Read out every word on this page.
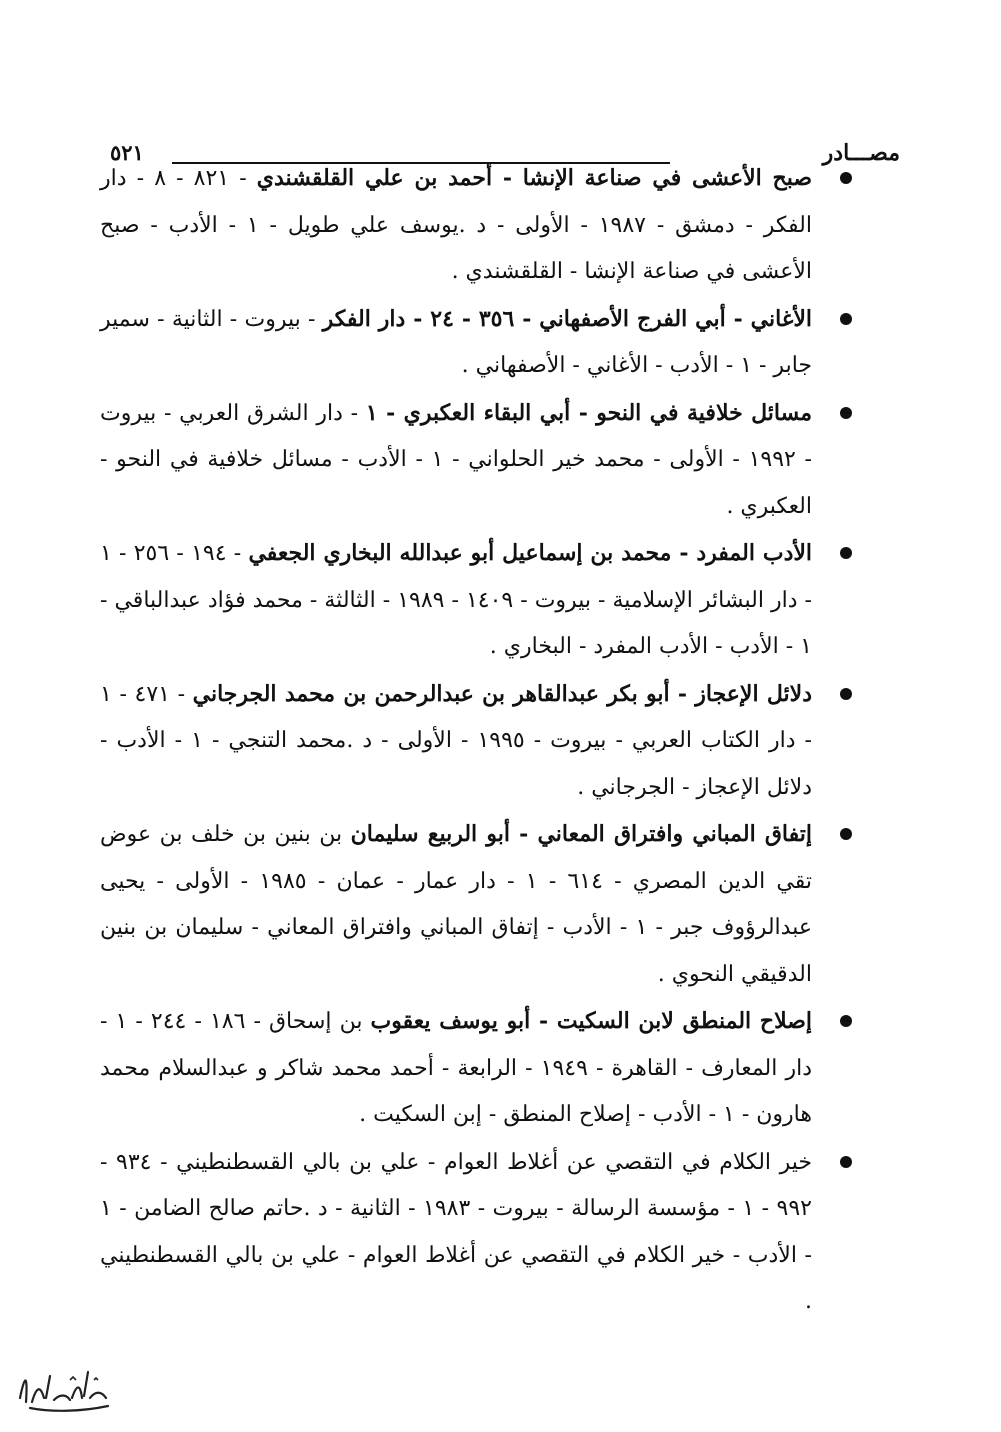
مصـــادر
٥٢١
صبح الأعشى في صناعة الإنشا - أحمد بن علي القلقشندي - ٨٢١ - ٨ - دار الفكر - دمشق - ١٩٨٧ - الأولى - د .يوسف علي طويل - ١ - الأدب - صبح الأعشى في صناعة الإنشا - القلقشندي .
الأغاني - أبي الفرج الأصفهاني - ٣٥٦ - ٢٤ - دار الفكر - بيروت - الثانية - سمير جابر - ١ - الأدب - الأغاني - الأصفهاني .
مسائل خلافية في النحو - أبي البقاء العكبري - ١ - دار الشرق العربي - بيروت - ١٩٩٢ - الأولى - محمد خير الحلواني - ١ - الأدب - مسائل خلافية في النحو - العكبري .
الأدب المفرد - محمد بن إسماعيل أبو عبدالله البخاري الجعفي - ١٩٤ - ٢٥٦ - ١ - دار البشائر الإسلامية - بيروت - ١٤٠٩ - ١٩٨٩ - الثالثة - محمد فؤاد عبدالباقي - ١ - الأدب - الأدب المفرد - البخاري .
دلائل الإعجاز - أبو بكر عبدالقاهر بن عبدالرحمن بن محمد الجرجاني - ٤٧١ - ١ - دار الكتاب العربي - بيروت - ١٩٩٥ - الأولى - د .محمد التنجي - ١ - الأدب - دلائل الإعجاز - الجرجاني .
إتفاق المباني وافتراق المعاني - أبو الربيع سليمان بن بنين بن خلف بن عوض تقي الدين المصري - ٦١٤ - ١ - دار عمار - عمان - ١٩٨٥ - الأولى - يحيى عبدالرؤوف جبر - ١ - الأدب - إتفاق المباني وافتراق المعاني - سليمان بن بنين الدقيقي النحوي .
إصلاح المنطق لابن السكيت - أبو يوسف يعقوب بن إسحاق - ١٨٦ - ٢٤٤ - ١ - دار المعارف - القاهرة - ١٩٤٩ - الرابعة - أحمد محمد شاكر و عبدالسلام محمد هارون - ١ - الأدب - إصلاح المنطق - إبن السكيت .
خير الكلام في التقصي عن أغلاط العوام - علي بن بالي القسطنطيني - ٩٣٤ - ٩٩٢ - ١ - مؤسسة الرسالة - بيروت - ١٩٨٣ - الثانية - د .حاتم صالح الضامن - ١ - الأدب - خير الكلام في التقصي عن أغلاط العوام - علي بن بالي القسطنطيني .
